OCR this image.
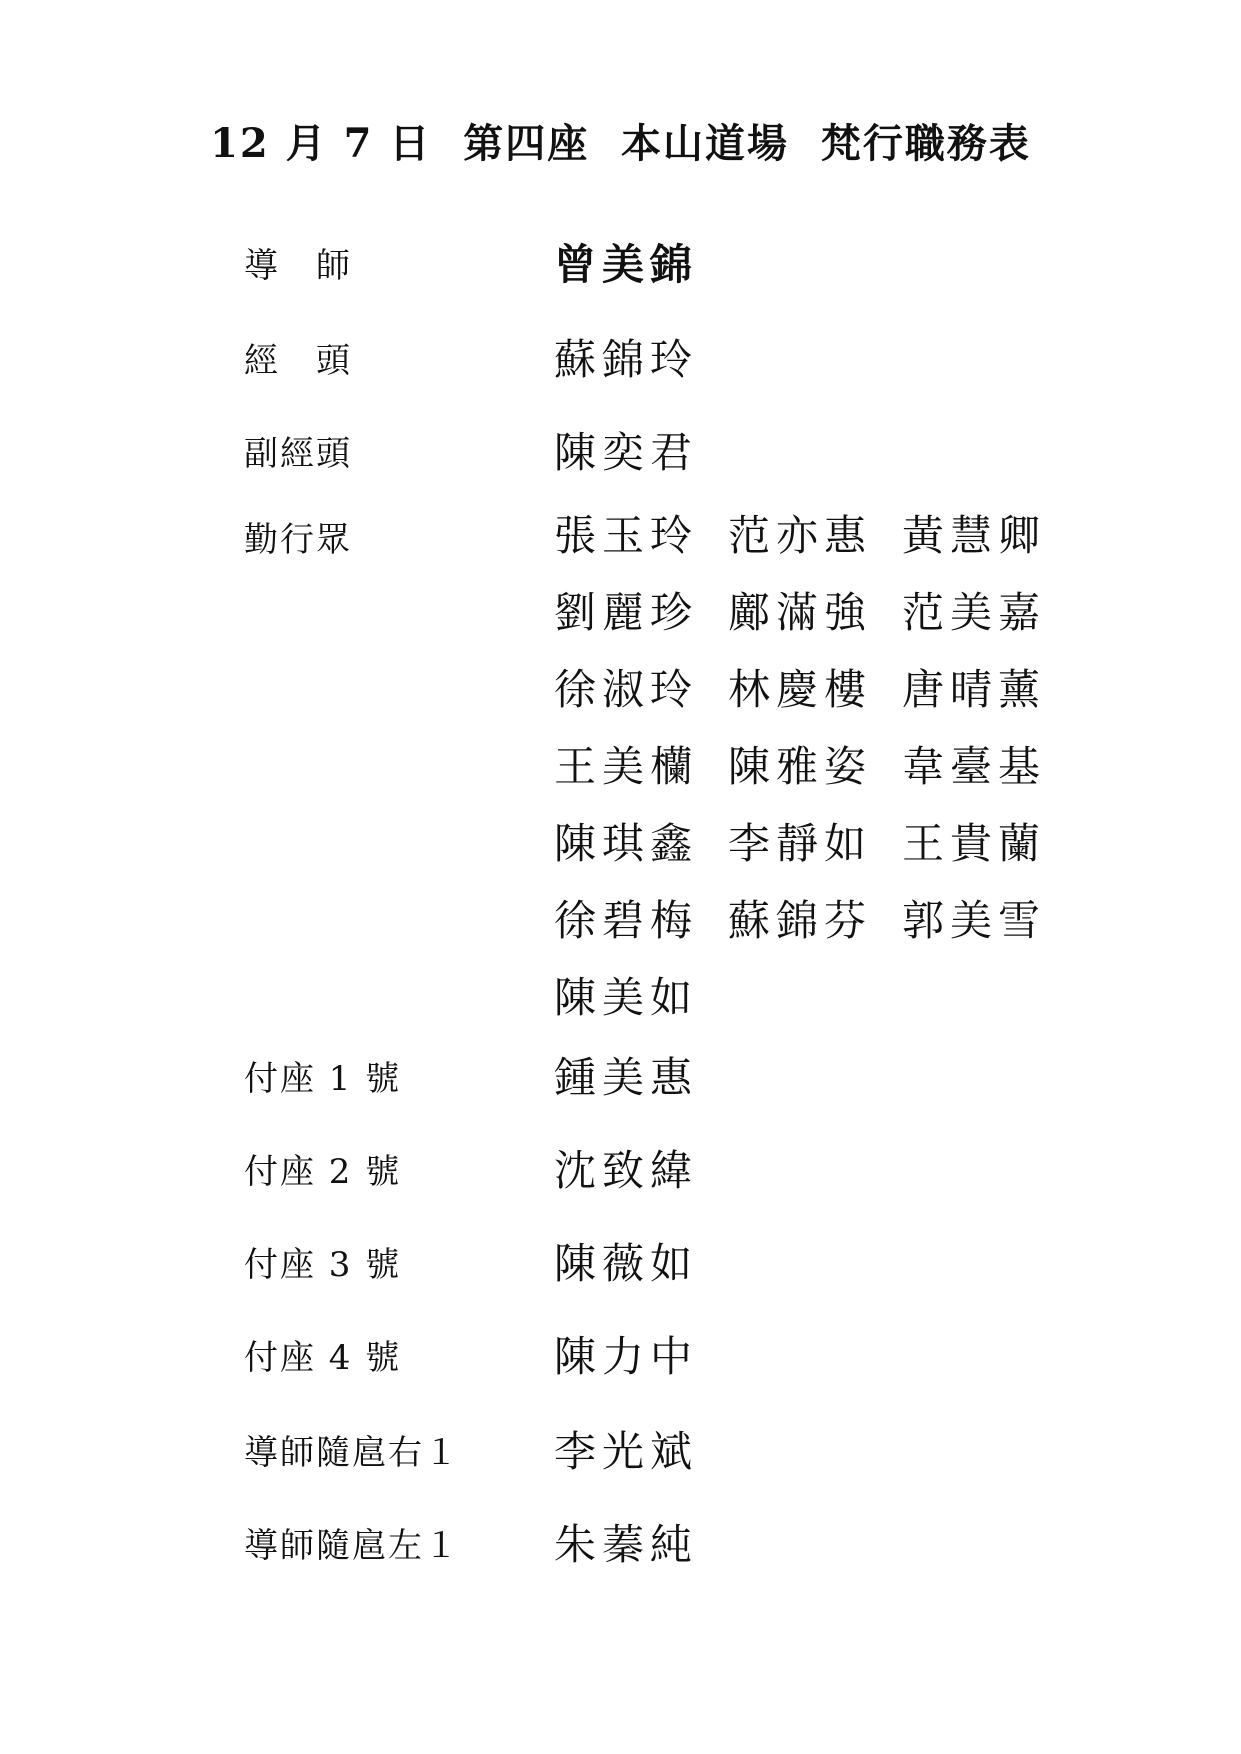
12 月 7 日  第四座  本山道場  梵行職務表
導　師	曾美錦
經　頭	蘇錦玲
副經頭	陳奕君
勤行眾	張玉玲 范亦惠 黃慧卿
劉麗珍 鄺滿強 范美嘉
徐淑玲 林慶樓 唐晴薰
王美欗 陳雅姿 韋臺基
陳琪鑫 李靜如 王貴蘭
徐碧梅 蘇錦芬 郭美雪
陳美如
付座 1 號	鍾美惠
付座 2 號	沈致緯
付座 3 號	陳薇如
付座 4 號	陳力中
導師隨扈右１ 李光斌
導師隨扈左１ 朱蓁純
